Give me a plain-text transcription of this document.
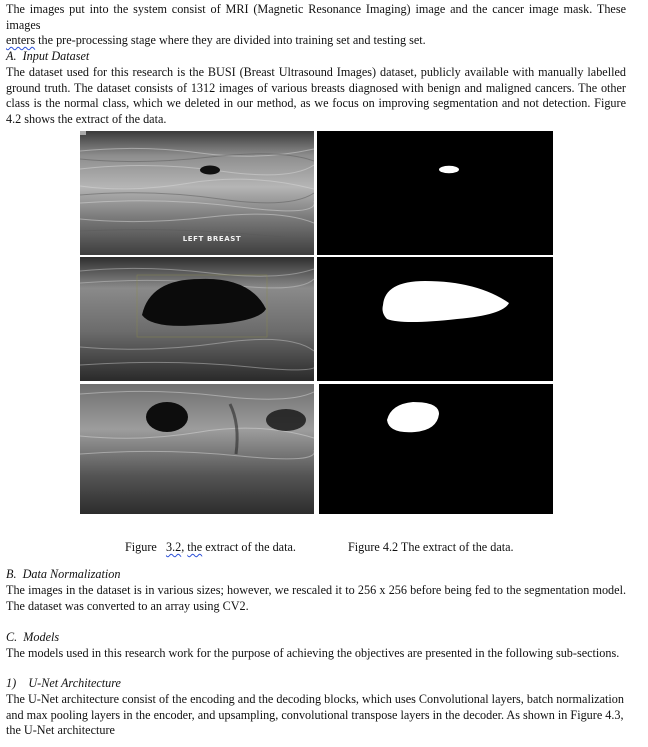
The images put into the system consist of MRI (Magnetic Resonance Imaging) image and the cancer image mask. These images
enters the pre-processing stage where they are divided into training set and testing set.

A. Input Dataset

The dataset used for this research is the BUSI (Breast Ultrasound Images) dataset, publicly available with manually labelled ground truth. The dataset consists of 1312 images of various breasts diagnosed with benign and maligned cancers. The other class is the normal class, which we deleted in our method, as we focus on improving segmentation and not detection. Figure 4.2 shows the extract of the data.

LEFT BREAST
Figure 3.2, the extract of the data.	Figure 4.2 The extract of the data.

B. Data Normalization

The images in the dataset is in various sizes; however, we rescaled it to 256 x 256 before being fed to the segmentation model. The dataset was converted to an array using CV2.

C. Models

The models used in this research work for the purpose of achieving the objectives are presented in the following sub-sections.

1) U-Net Architecture

The U-Net architecture consist of the encoding and the decoding blocks, which uses Convolutional layers, batch normalization and max pooling layers in the encoder, and upsampling, convolutional transpose layers in the decoder. As shown in Figure 4.3, the U-Net architecture
